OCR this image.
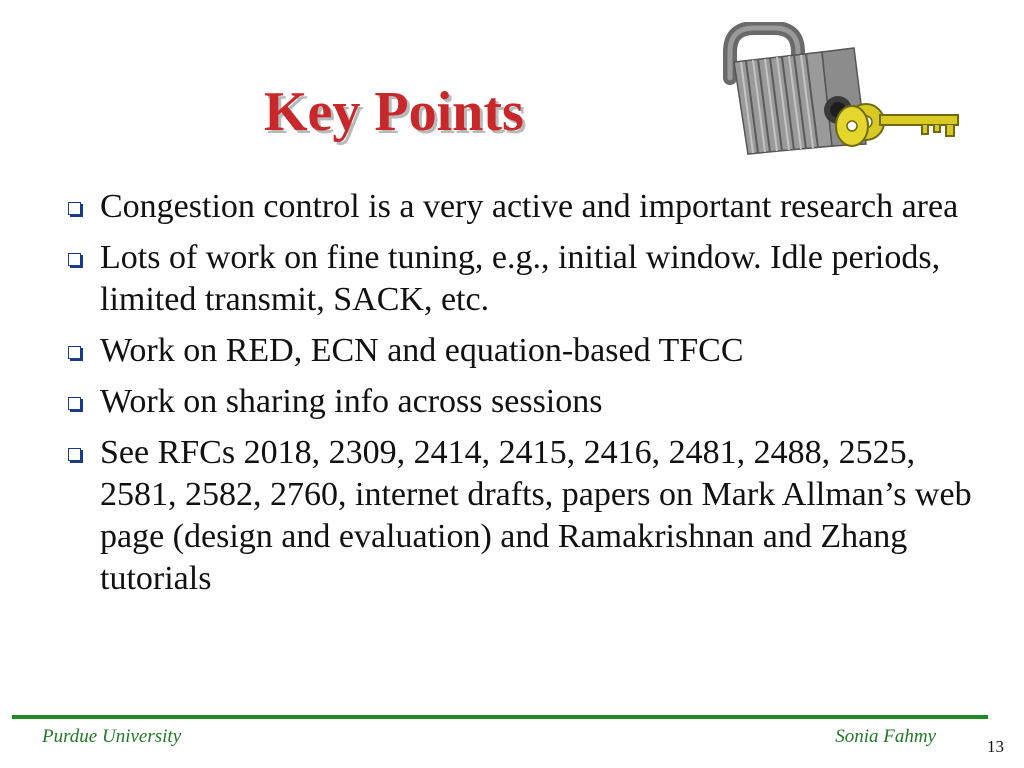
Key Points
Congestion control is a very active and important research area
Lots of work on fine tuning, e.g., initial window. Idle periods, limited transmit, SACK, etc.
Work on RED, ECN and equation-based TFCC
Work on sharing info across sessions
See RFCs 2018, 2309, 2414, 2415, 2416, 2481, 2488, 2525, 2581, 2582, 2760, internet drafts, papers on Mark Allman’s web page (design and evaluation) and Ramakrishnan and Zhang tutorials
Purdue University	Sonia Fahmy	13
